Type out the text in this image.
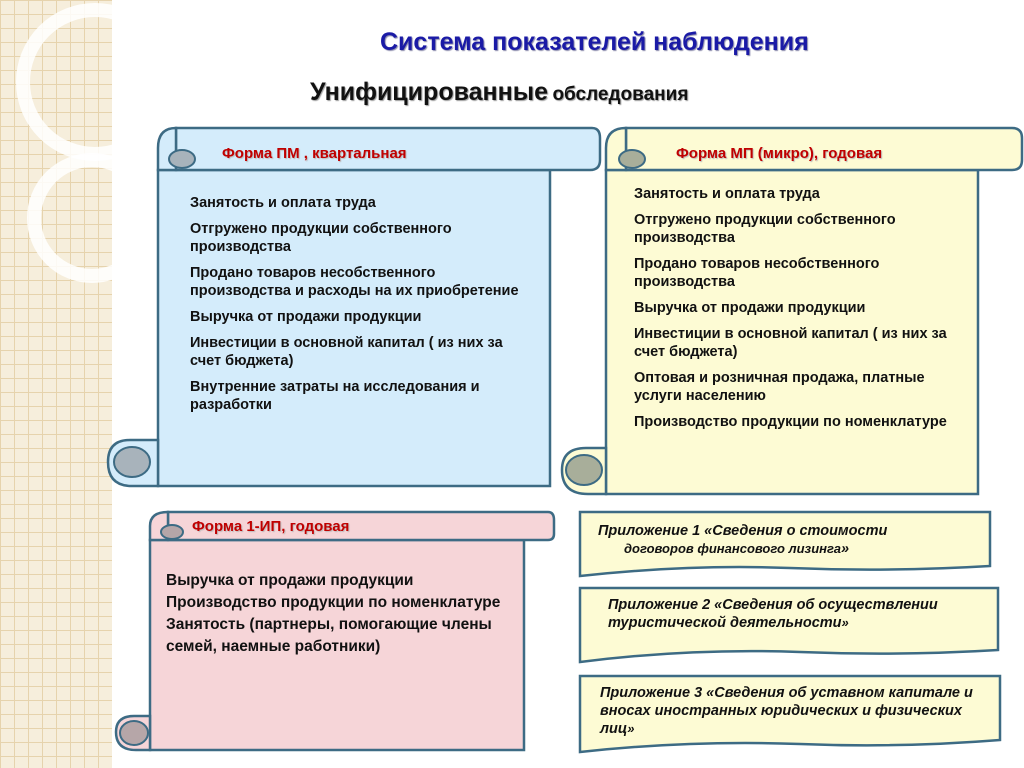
Система показателей наблюдения
Унифицированные обследования
Форма ПМ , квартальная
Занятость и оплата труда
Отгружено продукции собственного производства
Продано товаров несобственного производства и расходы на их приобретение
Выручка от продажи продукции
Инвестиции в основной капитал ( из них за счет бюджета)
Внутренние затраты на исследования и разработки
Форма МП (микро), годовая
Занятость и оплата труда
Отгружено продукции собственного производства
Продано товаров несобственного производства
Выручка от продажи продукции
Инвестиции в основной капитал ( из них за счет бюджета)
Оптовая и розничная продажа, платные услуги населению
Производство продукции по номенклатуре
Форма 1-ИП, годовая
Выручка от продажи продукции
Производство продукции по номенклатуре
Занятость (партнеры, помогающие члены семей, наемные работники)
Приложение 1 «Сведения о стоимости
договоров финансового лизинга»
Приложение 2 «Сведения об осуществлении туристической деятельности»
Приложение 3 «Сведения об уставном капитале и вносах иностранных юридических и физических лиц»
